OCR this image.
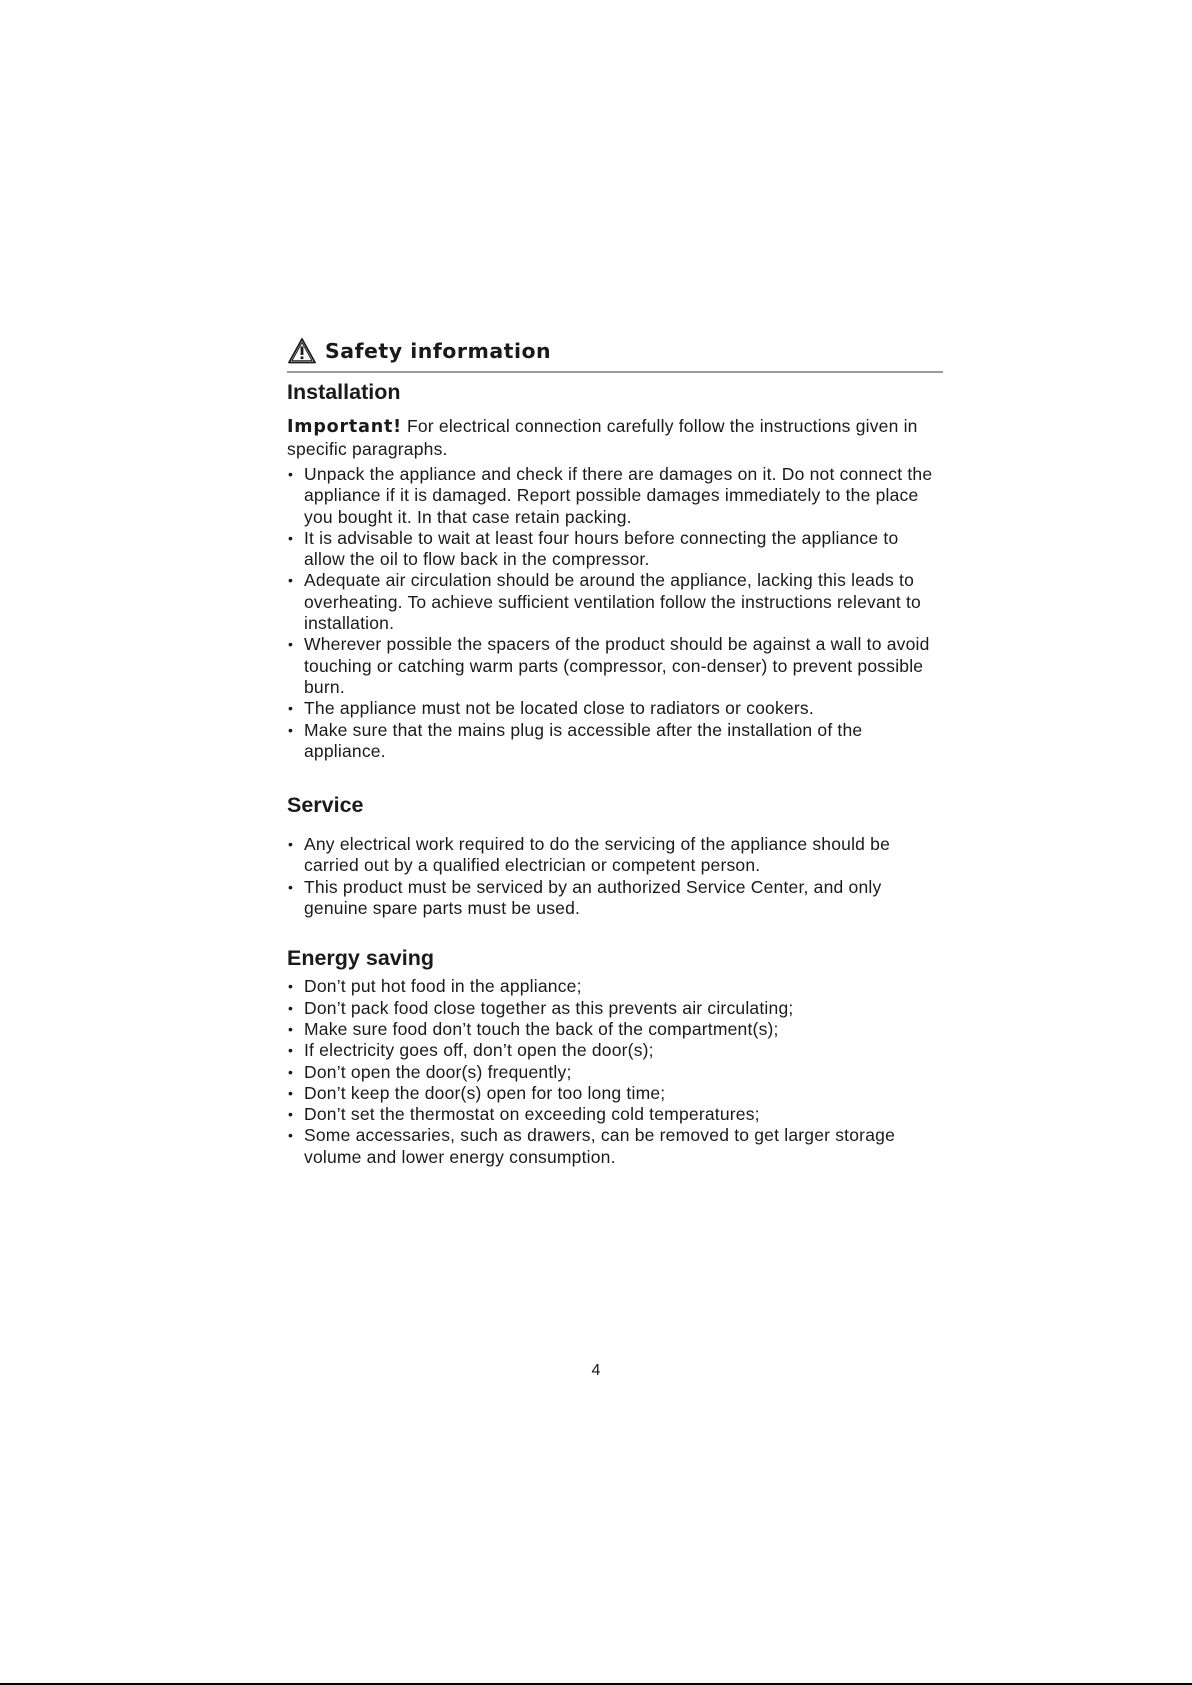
Safety information
Installation

Important! For electrical connection carefully follow the instructions given in specific paragraphs.

• Unpack the appliance and check if there are damages on it. Do not connect the appliance if it is damaged. Report possible damages immediately to the place you bought it. In that case retain packing.
• It is advisable to wait at least four hours before connecting the appliance to allow the oil to flow back in the compressor.
• Adequate air circulation should be around the appliance, lacking this leads to overheating. To achieve sufficient ventilation follow the instructions relevant to installation.
• Wherever possible the spacers of the product should be against a wall to avoid touching or catching warm parts (compressor, con-denser) to prevent possible burn.
• The appliance must not be located close to radiators or cookers.
• Make sure that the mains plug is accessible after the installation of the appliance.
Service
• Any electrical work required to do the servicing of the appliance should be carried out by a qualified electrician or competent person.
• This product must be serviced by an authorized Service Center, and only genuine spare parts must be used.
Energy saving
• Don’t put hot food in the appliance;
• Don’t pack food close together as this prevents air circulating;
• Make sure food don’t touch the back of the compartment(s);
• If electricity goes off, don’t open the door(s);
• Don’t open the door(s) frequently;
• Don’t keep the door(s) open for too long time;
• Don’t set the thermostat on exceeding cold temperatures;
• Some accessaries, such as drawers, can be removed to get larger storage volume and lower energy consumption.
4
